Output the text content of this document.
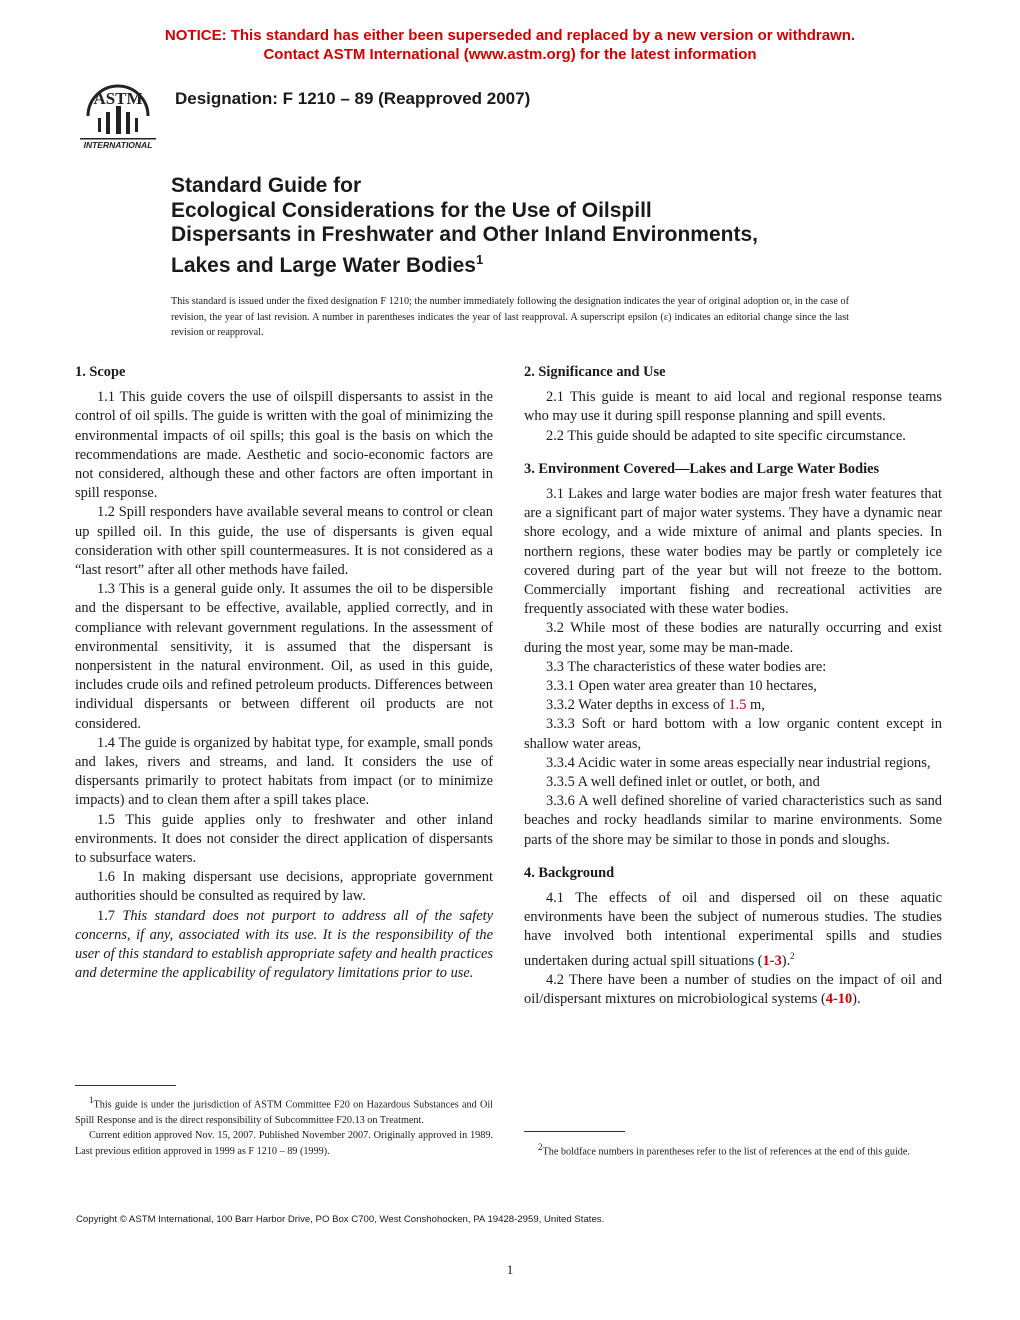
NOTICE: This standard has either been superseded and replaced by a new version or withdrawn.
Contact ASTM International (www.astm.org) for the latest information
ASTM
INTERNATIONAL
Designation: F 1210 – 89 (Reapproved 2007)
Standard Guide for
Ecological Considerations for the Use of Oilspill
Dispersants in Freshwater and Other Inland Environments,
Lakes and Large Water Bodies$^1$
This standard is issued under the fixed designation F 1210; the number immediately following the designation indicates the year of original adoption or, in the case of revision, the year of last revision. A number in parentheses indicates the year of last reapproval. A superscript epsilon (ε) indicates an editorial change since the last revision or reapproval.
1. Scope

1.1 This guide covers the use of oilspill dispersants to assist in the control of oil spills. The guide is written with the goal of minimizing the environmental impacts of oil spills; this goal is the basis on which the recommendations are made. Aesthetic and socio-economic factors are not considered, although these and other factors are often important in spill response.

1.2 Spill responders have available several means to control or clean up spilled oil. In this guide, the use of dispersants is given equal consideration with other spill countermeasures. It is not considered as a “last resort” after all other methods have failed.

1.3 This is a general guide only. It assumes the oil to be dispersible and the dispersant to be effective, available, applied correctly, and in compliance with relevant government regulations. In the assessment of environmental sensitivity, it is assumed that the dispersant is nonpersistent in the natural environment. Oil, as used in this guide, includes crude oils and refined petroleum products. Differences between individual dispersants or between different oil products are not considered.

1.4 The guide is organized by habitat type, for example, small ponds and lakes, rivers and streams, and land. It considers the use of dispersants primarily to protect habitats from impact (or to minimize impacts) and to clean them after a spill takes place.

1.5 This guide applies only to freshwater and other inland environments. It does not consider the direct application of dispersants to subsurface waters.

1.6 In making dispersant use decisions, appropriate government authorities should be consulted as required by law.

1.7 This standard does not purport to address all of the safety concerns, if any, associated with its use. It is the responsibility of the user of this standard to establish appropriate safety and health practices and determine the applicability of regulatory limitations prior to use.

$^1$This guide is under the jurisdiction of ASTM Committee F20 on Hazardous Substances and Oil Spill Response and is the direct responsibility of Subcommittee F20.13 on Treatment.

Current edition approved Nov. 15, 2007. Published November 2007. Originally approved in 1989. Last previous edition approved in 1999 as F 1210 – 89 (1999).

2. Significance and Use

2.1 This guide is meant to aid local and regional response teams who may use it during spill response planning and spill events.

2.2 This guide should be adapted to site specific circumstance.

3. Environment Covered—Lakes and Large Water Bodies

3.1 Lakes and large water bodies are major fresh water features that are a significant part of major water systems. They have a dynamic near shore ecology, and a wide mixture of animal and plants species. In northern regions, these water bodies may be partly or completely ice covered during part of the year but will not freeze to the bottom. Commercially important fishing and recreational activities are frequently associated with these water bodies.

3.2 While most of these bodies are naturally occurring and exist during the most year, some may be man-made.

3.3 The characteristics of these water bodies are:

3.3.1 Open water area greater than 10 hectares,

3.3.2 Water depths in excess of 1.5 m,

3.3.3 Soft or hard bottom with a low organic content except in shallow water areas,

3.3.4 Acidic water in some areas especially near industrial regions,

3.3.5 A well defined inlet or outlet, or both, and

3.3.6 A well defined shoreline of varied characteristics such as sand beaches and rocky headlands similar to marine environments. Some parts of the shore may be similar to those in ponds and sloughs.

4. Background

4.1 The effects of oil and dispersed oil on these aquatic environments have been the subject of numerous studies. The studies have involved both intentional experimental spills and studies undertaken during actual spill situations (1-3).$^2$

4.2 There have been a number of studies on the impact of oil and oil/dispersant mixtures on microbiological systems (4-10).

$^2$The boldface numbers in parentheses refer to the list of references at the end of this guide.

Copyright © ASTM International, 100 Barr Harbor Drive, PO Box C700, West Conshohocken, PA 19428-2959, United States.
1
